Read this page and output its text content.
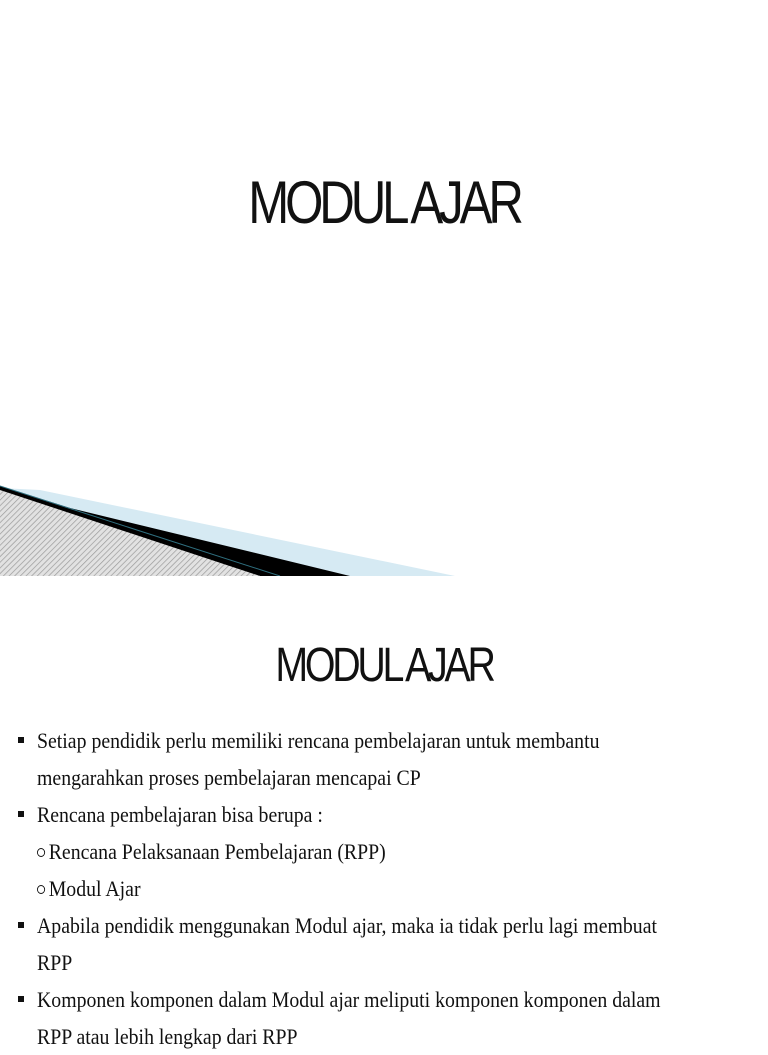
MODUL AJAR
MODUL AJAR
Setiap pendidik perlu memiliki rencana pembelajaran untuk membantu
mengarahkan proses pembelajaran mencapai CP
Rencana pembelajaran bisa berupa :
Rencana Pelaksanaan Pembelajaran (RPP)
Modul Ajar
Apabila pendidik menggunakan Modul ajar, maka ia tidak perlu lagi membuat
RPP
Komponen komponen dalam Modul ajar meliputi komponen komponen dalam
RPP atau lebih lengkap dari RPP
